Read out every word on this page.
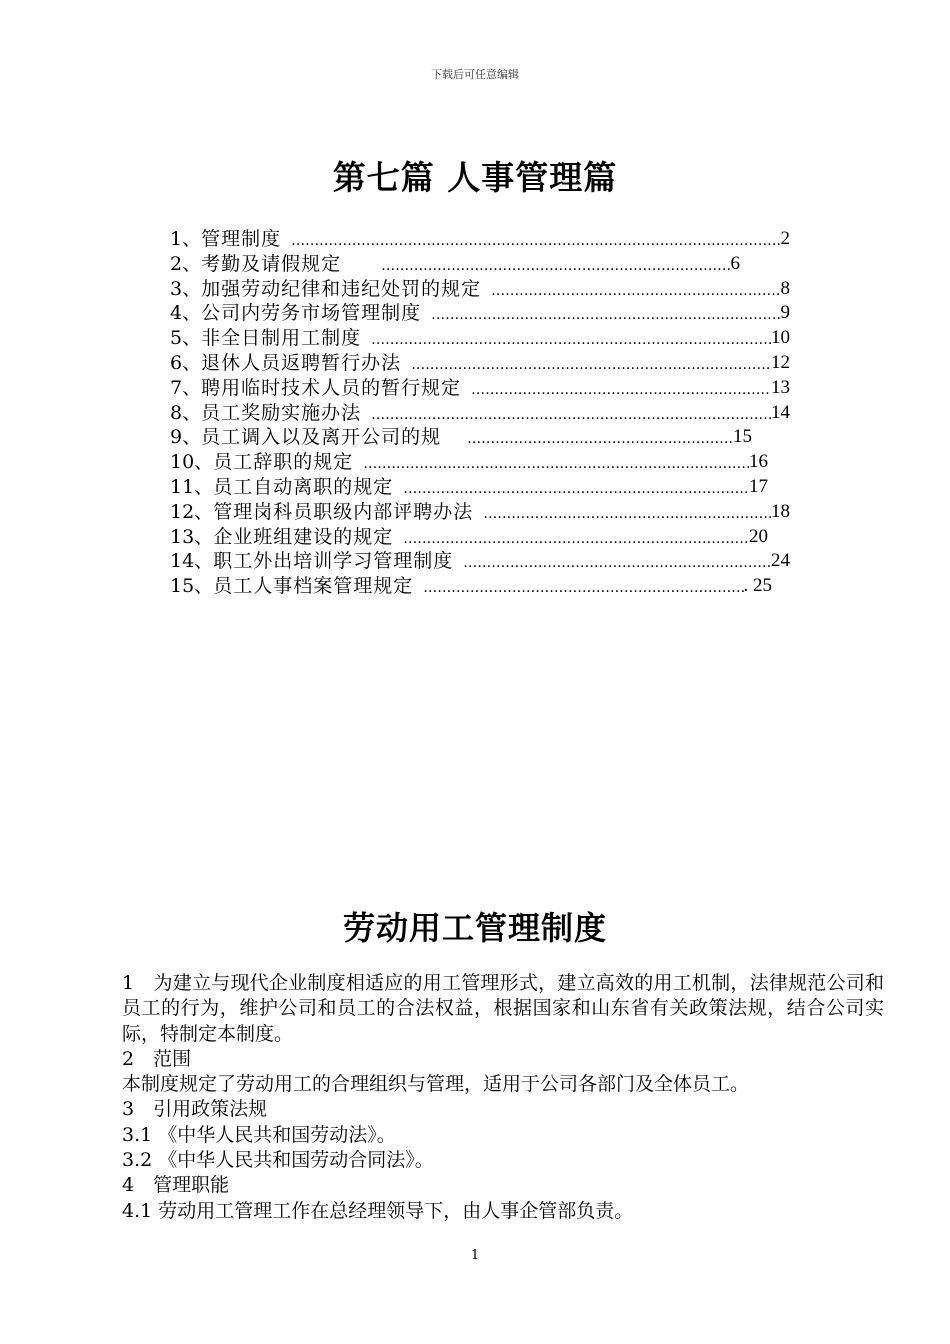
下载后可任意编辑
第七篇 人事管理篇
1、 管理制度 ………………………………………………………………………………………………………………………………	2
2、 考勤及请假规定 ………………………………………………………………………………………………………………………………	6
3、 加强劳动纪律和违纪处罚的规定 ………………………………………………………………………………………………………………………………	8
4、 公司内劳务市场管理制度 ………………………………………………………………………………………………………………………………	9
5、 非全日制用工制度 ………………………………………………………………………………………………………………………………	10
6、 退休人员返聘暂行办法 ………………………………………………………………………………………………………………………………	12
7、 聘用临时技术人员的暂行规定 ………………………………………………………………………………………………………………………………	13
8、 员工奖励实施办法 ………………………………………………………………………………………………………………………………	14
9、 员工调入以及离开公司的规 ………………………………………………………………………………………………………………………………	15
10、 员工辞职的规定 ………………………………………………………………………………………………………………………………	16
11、 员工自动离职的规定 ………………………………………………………………………………………………………………………………	17
12、 管理岗科员职级内部评聘办法 ………………………………………………………………………………………………………………………………	18
13、 企业班组建设的规定 ………………………………………………………………………………………………………………………………	20
14、 职工外出培训学习管理制度 ………………………………………………………………………………………………………………………………	24
15、 员工人事档案管理规定 ………………………………………………………………………………………………………………………………	. 25
劳动用工管理制度

1　为建立与现代企业制度相适应的用工管理形式，建立高效的用工机制，法律规范公司和员工的行为，维护公司和员工的合法权益，根据国家和山东省有关政策法规，结合公司实际，特制定本制度。

2　范围

本制度规定了劳动用工的合理组织与管理，适用于公司各部门及全体员工。

3　引用政策法规

3.1 《中华人民共和国劳动法》。

3.2 《中华人民共和国劳动合同法》。

4　管理职能

4.1 劳动用工管理工作在总经理领导下，由人事企管部负责。

1
